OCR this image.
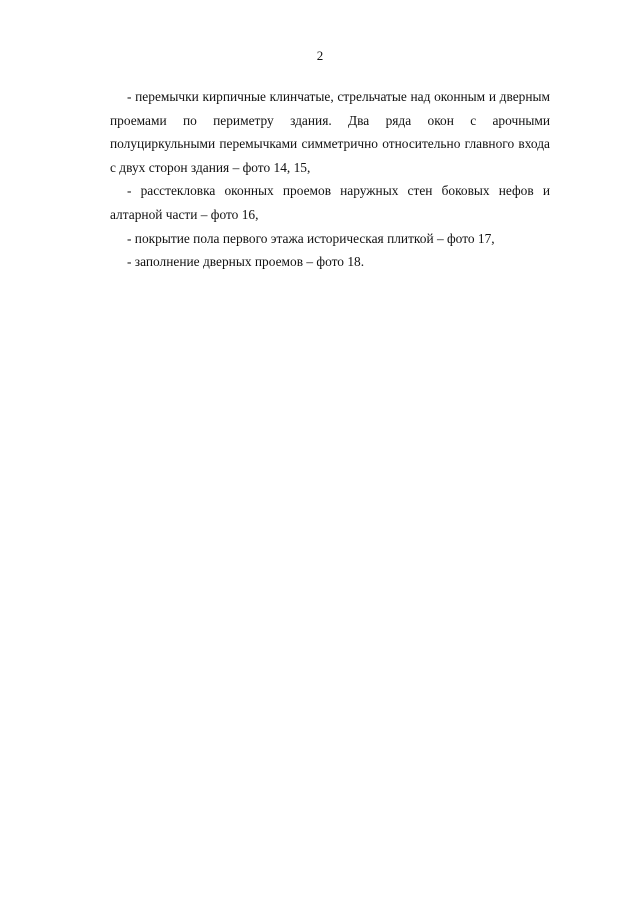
2

- перемычки кирпичные клинчатые, стрельчатые над оконным и дверным проемами по периметру здания. Два ряда окон с арочными полуциркульными перемычками симметрично относительно главного входа с двух сторон здания – фото 14, 15,

- расстекловка оконных проемов наружных стен боковых нефов и алтарной части – фото 16,

- покрытие пола первого этажа историческая плиткой – фото 17,

- заполнение дверных проемов – фото 18.
